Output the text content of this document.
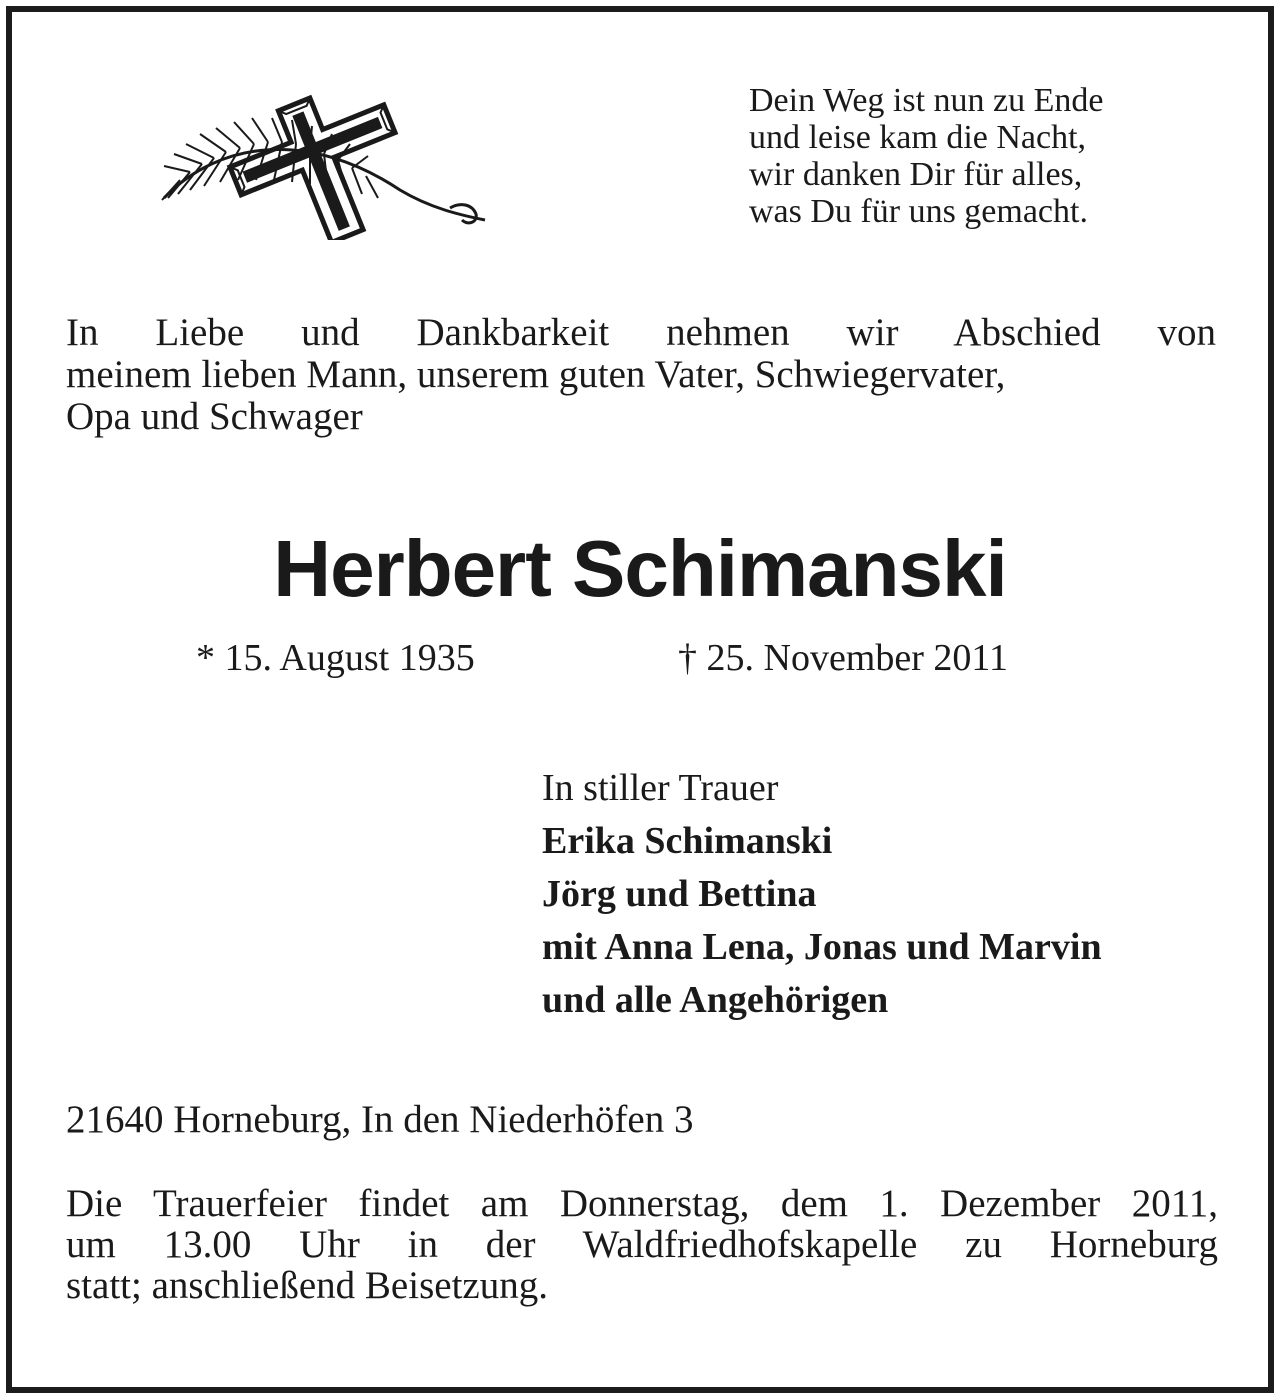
Dein Weg ist nun zu Ende
und leise kam die Nacht,
wir danken Dir für alles,
was Du für uns gemacht.
In Liebe und Dankbarkeit nehmen wir Abschied von
meinem lieben Mann, unserem guten Vater, Schwiegervater,
Opa und Schwager
Herbert Schimanski
* 15. August 1935	† 25. November 2011
In stiller Trauer
Erika Schimanski
Jörg und Bettina
mit Anna Lena, Jonas und Marvin
und alle Angehörigen
21640 Horneburg, In den Niederhöfen 3
Die Trauerfeier findet am Donnerstag, dem 1. Dezember 2011,
um 13.00 Uhr in der Waldfriedhofskapelle zu Horneburg
statt; anschließend Beisetzung.
